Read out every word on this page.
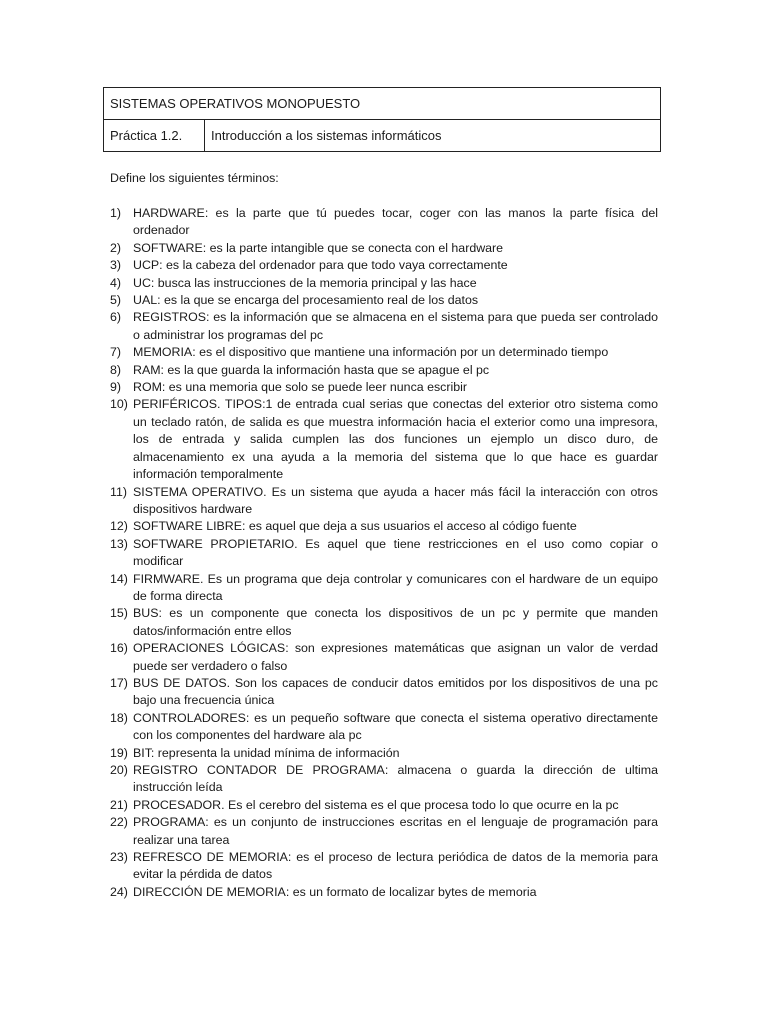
SISTEMAS OPERATIVOS MONOPUESTO
Práctica 1.2.	Introducción a los sistemas informáticos
Define los siguientes términos:
1) HARDWARE: es la parte que tú puedes tocar, coger con las manos la parte física del ordenador
2) SOFTWARE: es la parte intangible que se conecta con el hardware
3) UCP: es la cabeza del ordenador para que todo vaya correctamente
4) UC: busca las instrucciones de la memoria principal y las hace
5) UAL: es la que se encarga del procesamiento real de los datos
6) REGISTROS: es la información que se almacena en el sistema para que pueda ser controlado o administrar los programas del pc
7) MEMORIA: es el dispositivo que mantiene una información por un determinado tiempo
8) RAM: es la que guarda la información hasta que se apague el pc
9) ROM: es una memoria que solo se puede leer nunca escribir
10) PERIFÉRICOS. TIPOS:1 de entrada cual serias que conectas del exterior otro sistema como un teclado ratón, de salida es que muestra información hacia el exterior como una impresora, los de entrada y salida cumplen las dos funciones un ejemplo un disco duro, de almacenamiento ex una ayuda a la memoria del sistema que lo que hace es guardar información temporalmente
11) SISTEMA OPERATIVO. Es un sistema que ayuda a hacer más fácil la interacción con otros dispositivos hardware
12) SOFTWARE LIBRE: es aquel que deja a sus usuarios el acceso al código fuente
13) SOFTWARE PROPIETARIO. Es aquel que tiene restricciones en el uso como copiar o modificar
14) FIRMWARE. Es un programa que deja controlar y comunicares con el hardware de un equipo de forma directa
15) BUS: es un componente que conecta los dispositivos de un pc y permite que manden datos/información entre ellos
16) OPERACIONES LÓGICAS: son expresiones matemáticas que asignan un valor de verdad puede ser verdadero o falso
17) BUS DE DATOS. Son los capaces de conducir datos emitidos por los dispositivos de una pc bajo una frecuencia única
18) CONTROLADORES: es un pequeño software que conecta el sistema operativo directamente con los componentes del hardware ala pc
19) BIT: representa la unidad mínima de información
20) REGISTRO CONTADOR DE PROGRAMA: almacena o guarda la dirección de ultima instrucción leída
21) PROCESADOR. Es el cerebro del sistema es el que procesa todo lo que ocurre en la pc
22) PROGRAMA: es un conjunto de instrucciones escritas en el lenguaje de programación para realizar una tarea
23) REFRESCO DE MEMORIA: es el proceso de lectura periódica de datos de la memoria para evitar la pérdida de datos
24) DIRECCIÓN DE MEMORIA: es un formato de localizar bytes de memoria
